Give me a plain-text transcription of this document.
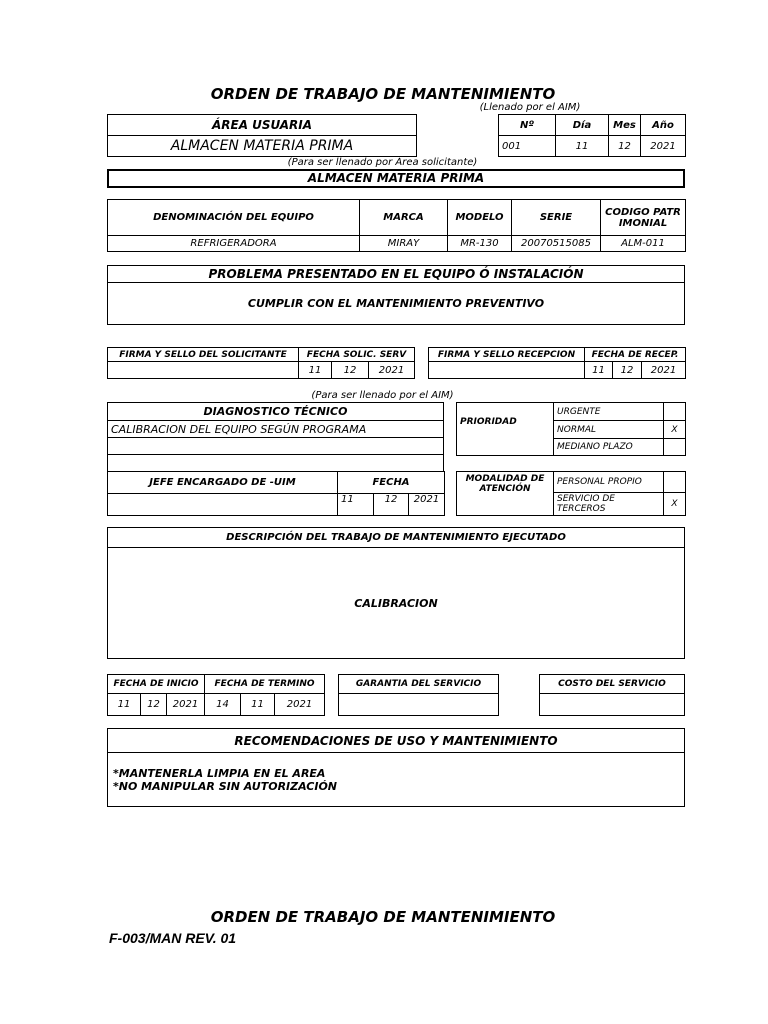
ORDEN DE TRABAJO DE MANTENIMIENTO
(Llenado por el AIM)
ÁREA USUARIA
ALMACEN MATERIA PRIMA
Nº	Día	Mes	Año
001	11	12	2021
(Para ser llenado por Área solicitante)
ALMACEN MATERIA PRIMA
DENOMINACIÓN DEL EQUIPO	MARCA	MODELO	SERIE	CODIGO PATRIMONIAL
REFRIGERADORA	MIRAY	MR-130	20070515085	ALM-011
PROBLEMA PRESENTADO EN EL EQUIPO Ó INSTALACIÓN
CUMPLIR CON EL MANTENIMIENTO PREVENTIVO
FIRMA Y SELLO DEL SOLICITANTE	FECHA SOLIC. SERV		
	11	12	2021
FIRMA Y SELLO RECEPCION	FECHA DE RECEP.		
	11	12	2021
(Para ser llenado por el AIM)
DIAGNOSTICO TÉCNICO
CALIBRACION DEL EQUIPO SEGÚN PROGRAMA

PRIORIDAD	URGENTE	
	NORMAL	X
	MEDIANO PLAZO	
JEFE ENCARGADO DE -UIM	FECHA		
	11	12	2021
MODALIDAD DE ATENCIÓN	PERSONAL PROPIO	
	SERVICIO DE TERCEROS	X
DESCRIPCIÓN DEL TRABAJO DE MANTENIMIENTO EJECUTADO
CALIBRACION
FECHA DE INICIO			FECHA DE TERMINO		
11	12	2021	14	11	2021
GARANTIA DEL SERVICIO	COSTO DEL SERVICIO

RECOMENDACIONES DE USO Y MANTENIMIENTO

*MANTENERLA LIMPIA EN EL AREA
*NO MANIPULAR SIN AUTORIZACIÓN
ORDEN DE TRABAJO DE MANTENIMIENTO
F-003/MAN REV. 01
